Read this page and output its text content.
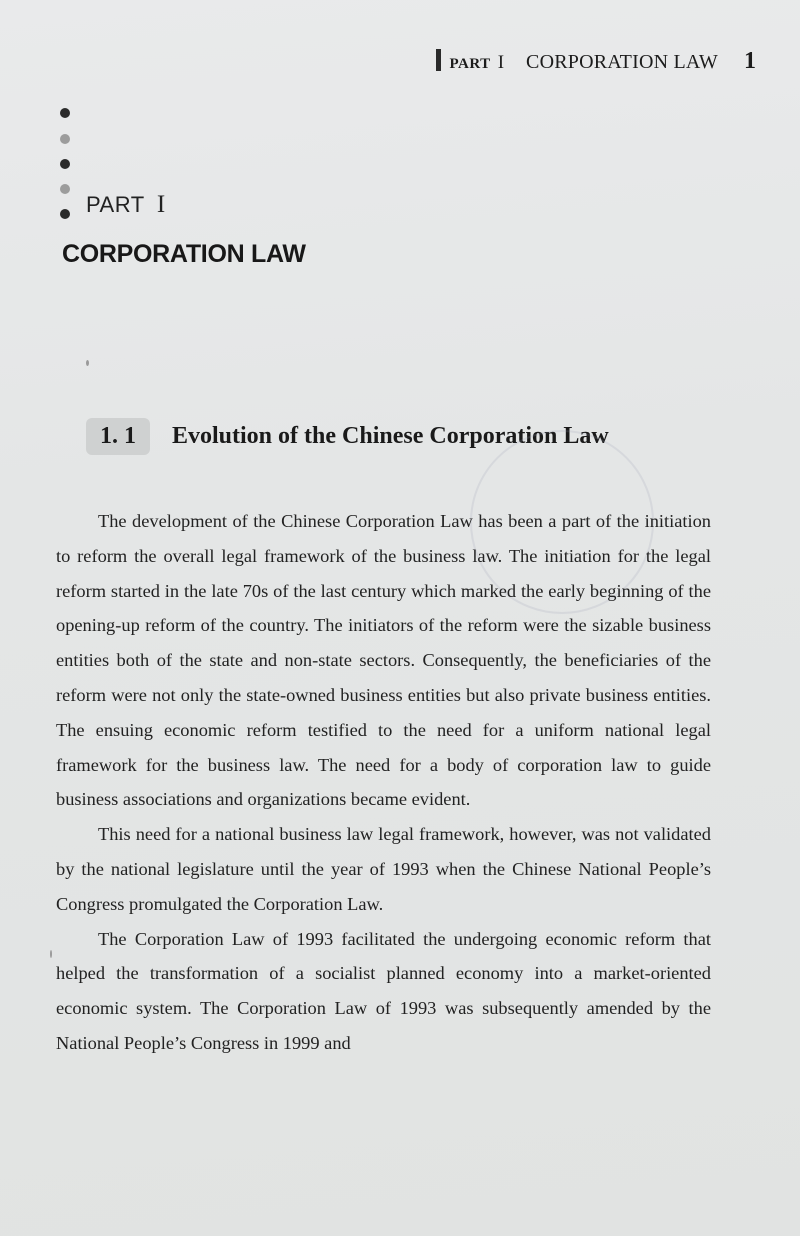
PART I CORPORATION LAW 1
PART I
CORPORATION LAW
1. 1	Evolution of the Chinese Corporation Law

The development of the Chinese Corporation Law has been a part of the initiation to reform the overall legal framework of the business law. The initiation for the legal reform started in the late 70s of the last century which marked the early beginning of the opening-up reform of the country. The initiators of the reform were the sizable business entities both of the state and non-state sectors. Consequently, the beneficiaries of the reform were not only the state-owned business entities but also private business entities. The ensuing economic reform testified to the need for a uniform national legal framework for the business law. The need for a body of corporation law to guide business associations and organizations became evident.

This need for a national business law legal framework, however, was not validated by the national legislature until the year of 1993 when the Chinese National People’s Congress promulgated the Corporation Law.

The Corporation Law of 1993 facilitated the undergoing economic reform that helped the transformation of a socialist planned economy into a market-oriented economic system. The Corporation Law of 1993 was subsequently amended by the National People’s Congress in 1999 and
